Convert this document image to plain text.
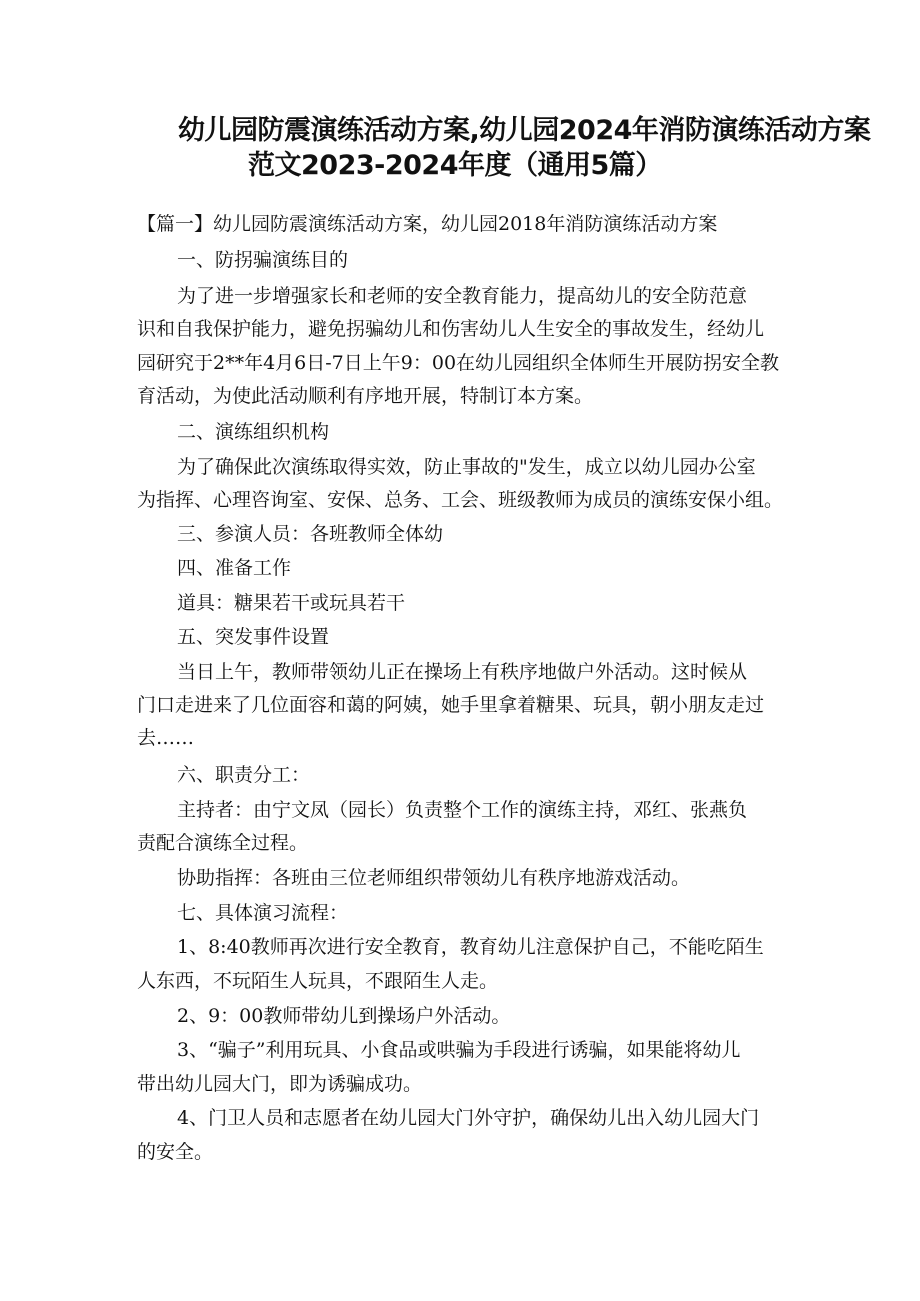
幼儿园防震演练活动方案,幼儿园2024年消防演练活动方案
范文2023-2024年度（通用5篇）

【篇一】幼儿园防震演练活动方案，幼儿园2018年消防演练活动方案

一、防拐骗演练目的

为了进一步增强家长和老师的安全教育能力，提高幼儿的安全防范意

识和自我保护能力，避免拐骗幼儿和伤害幼儿人生安全的事故发生，经幼儿

园研究于2**年4月6日-7日上午9：00在幼儿园组织全体师生开展防拐安全教

育活动，为使此活动顺利有序地开展，特制订本方案。

二、演练组织机构

为了确保此次演练取得实效，防止事故的"发生，成立以幼儿园办公室

为指挥、心理咨询室、安保、总务、工会、班级教师为成员的演练安保小组。

三、参演人员：各班教师全体幼

四、准备工作

道具：糖果若干或玩具若干

五、突发事件设置

当日上午，教师带领幼儿正在操场上有秩序地做户外活动。这时候从

门口走进来了几位面容和蔼的阿姨，她手里拿着糖果、玩具，朝小朋友走过

去……

六、职责分工：

主持者：由宁文凤（园长）负责整个工作的演练主持，邓红、张燕负

责配合演练全过程。

协助指挥：各班由三位老师组织带领幼儿有秩序地游戏活动。

七、具体演习流程：

1、8:40教师再次进行安全教育，教育幼儿注意保护自己，不能吃陌生

人东西，不玩陌生人玩具，不跟陌生人走。

2、9：00教师带幼儿到操场户外活动。

3、“骗子”利用玩具、小食品或哄骗为手段进行诱骗，如果能将幼儿

带出幼儿园大门，即为诱骗成功。

4、门卫人员和志愿者在幼儿园大门外守护，确保幼儿出入幼儿园大门

的安全。
